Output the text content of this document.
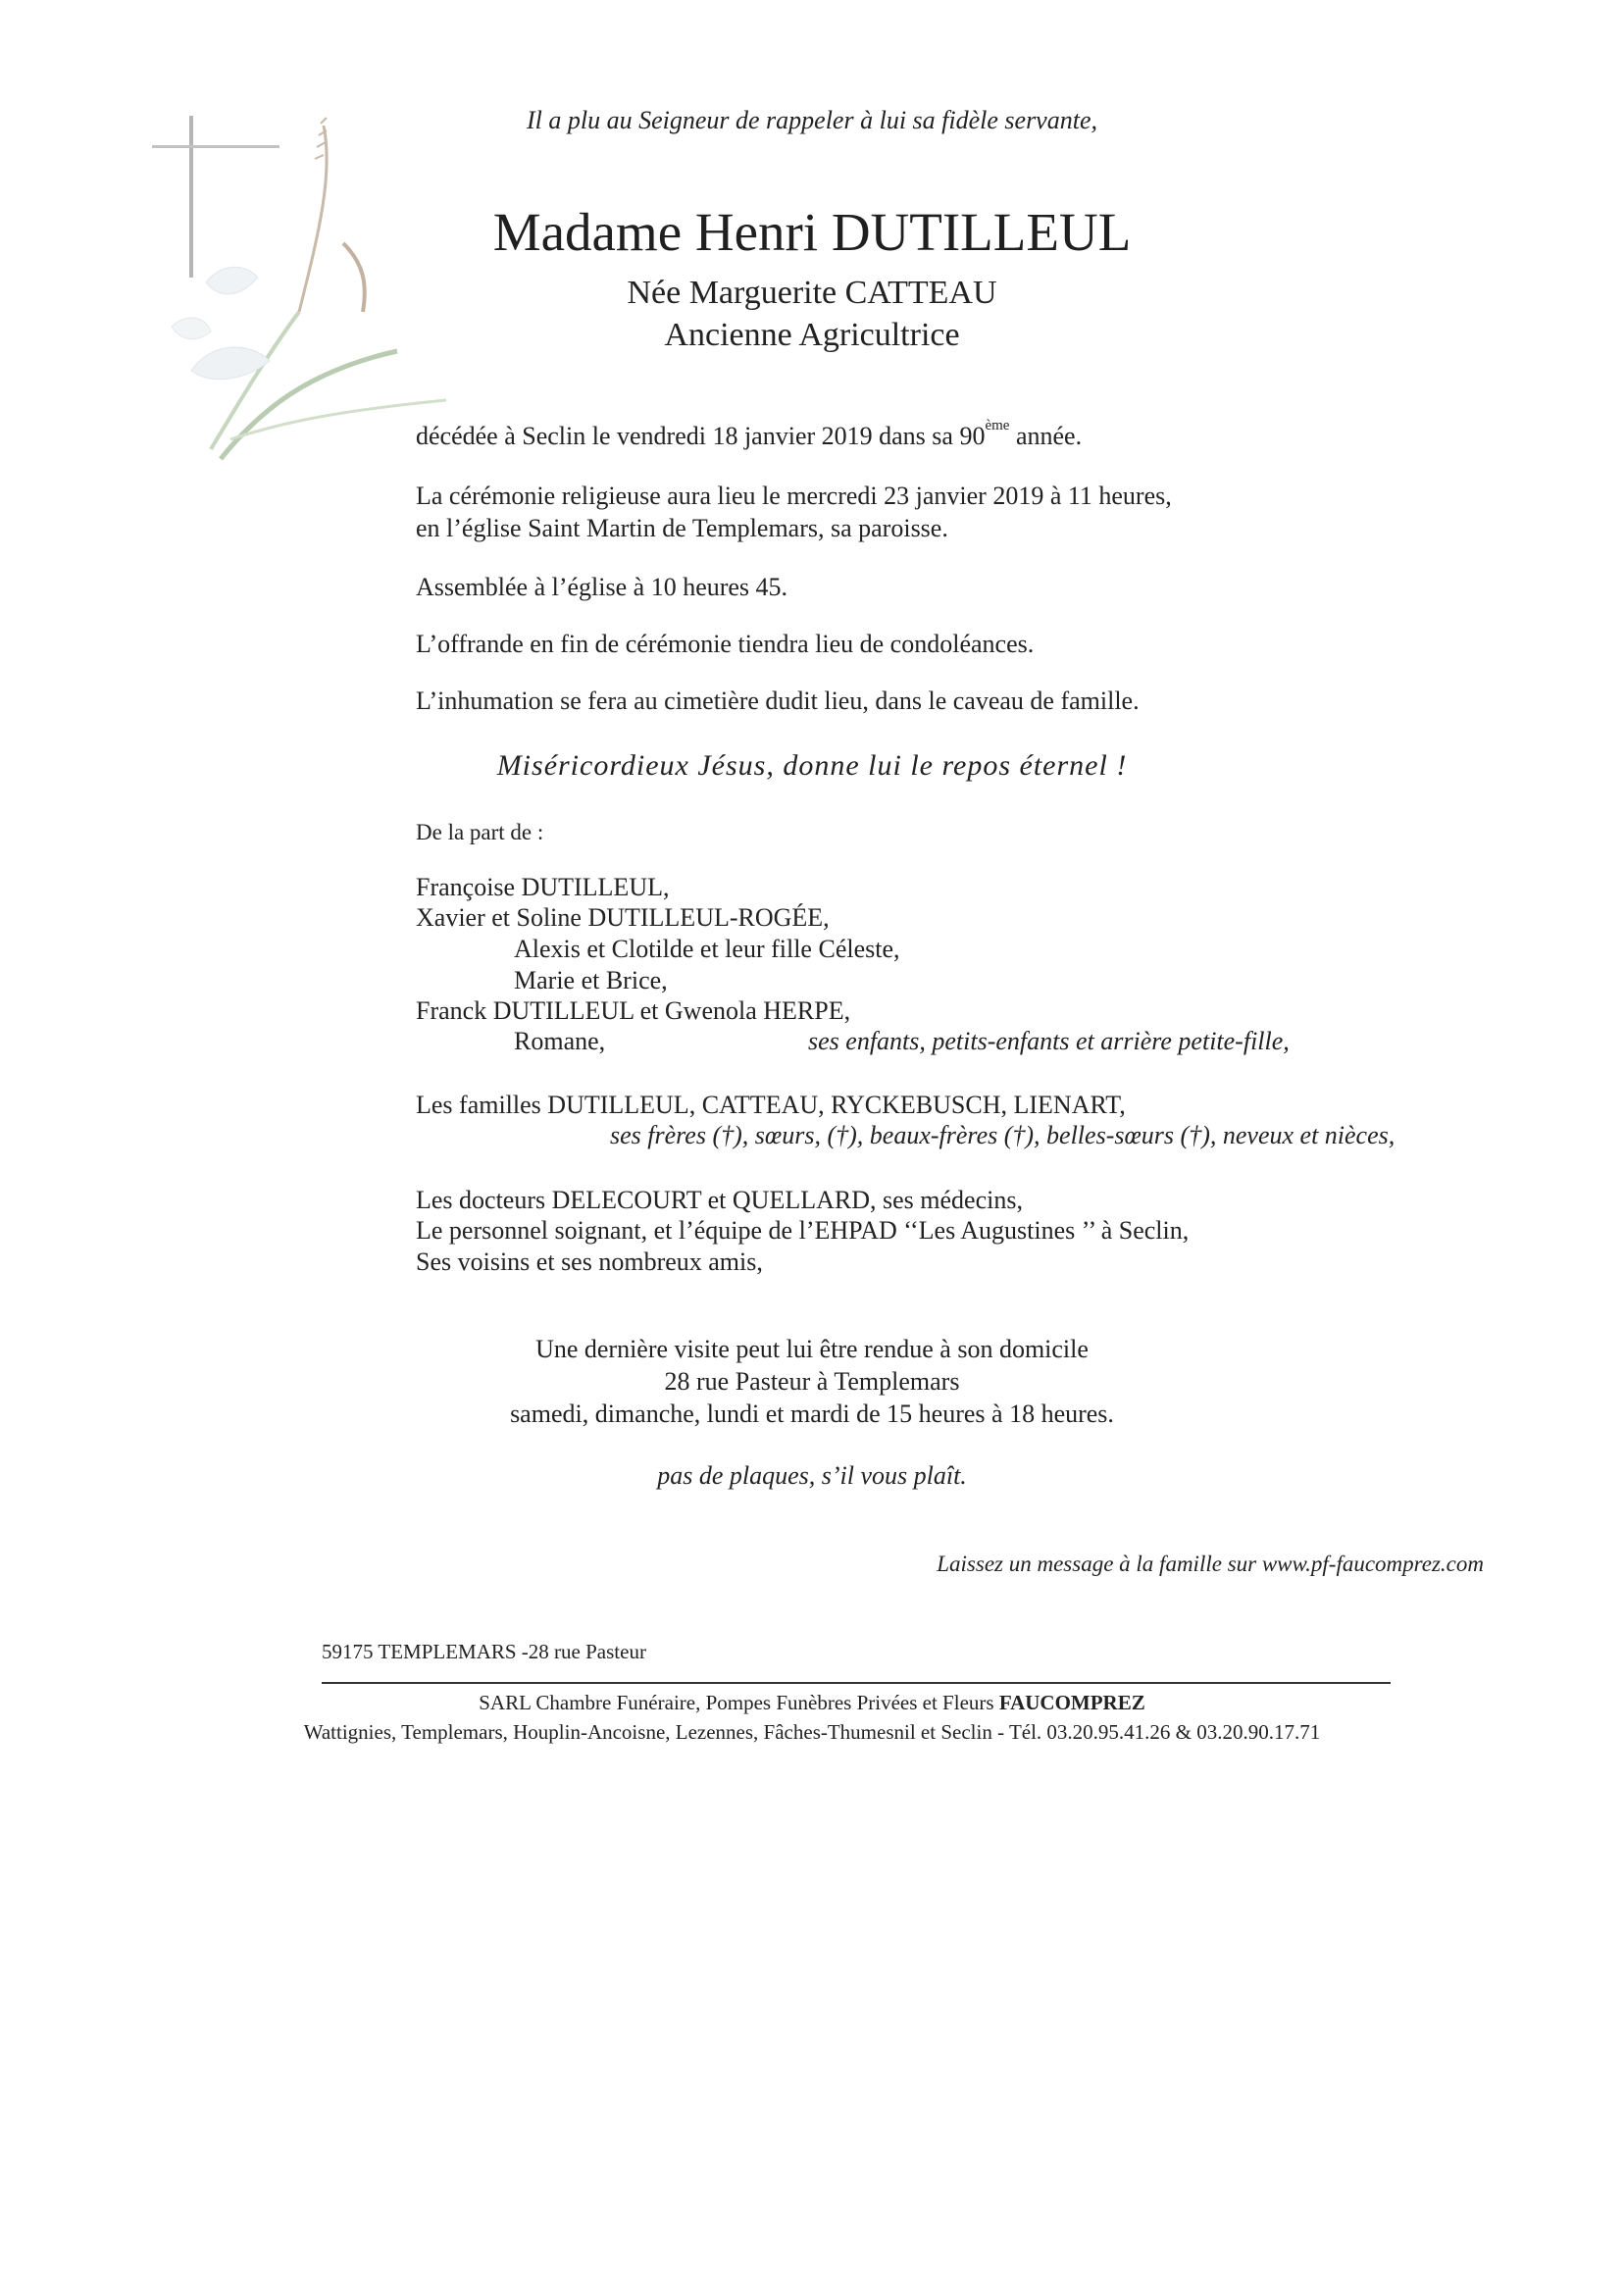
Il a plu au Seigneur de rappeler à lui sa fidèle servante,
Madame Henri DUTILLEUL
Née Marguerite CATTEAU
Ancienne Agricultrice
décédée à Seclin le vendredi 18 janvier 2019 dans sa 90ème année.
La cérémonie religieuse aura lieu le mercredi 23 janvier 2019 à 11 heures,
en l’église Saint Martin de Templemars, sa paroisse.
Assemblée à l’église à 10 heures 45.
L’offrande en fin de cérémonie tiendra lieu de condoléances.
L’inhumation se fera au cimetière dudit lieu, dans le caveau de famille.
Miséricordieux Jésus, donne lui le repos éternel !
De la part de :
Françoise DUTILLEUL,
Xavier et Soline DUTILLEUL-ROGÉE,
Alexis et Clotilde et leur fille Céleste,
Marie et Brice,
Franck DUTILLEUL et Gwenola HERPE,
Romane,	ses enfants, petits-enfants et arrière petite-fille,
Les familles DUTILLEUL, CATTEAU, RYCKEBUSCH, LIENART,
ses frères (†), sœurs, (†), beaux-frères (†), belles-sœurs (†), neveux et nièces,
Les docteurs DELECOURT et QUELLARD, ses médecins,
Le personnel soignant, et l’équipe de l’EHPAD ‘‘Les Augustines ’’ à Seclin,
Ses voisins et ses nombreux amis,
Une dernière visite peut lui être rendue à son domicile
28 rue Pasteur à Templemars
samedi, dimanche, lundi et mardi de 15 heures à 18 heures.
pas de plaques, s’il vous plaît.
Laissez un message à la famille sur www.pf-faucomprez.com
59175 TEMPLEMARS -28 rue Pasteur
SARL Chambre Funéraire, Pompes Funèbres Privées et Fleurs FAUCOMPREZ
Wattignies, Templemars, Houplin-Ancoisne, Lezennes, Fâches-Thumesnil et Seclin - Tél. 03.20.95.41.26 & 03.20.90.17.71
